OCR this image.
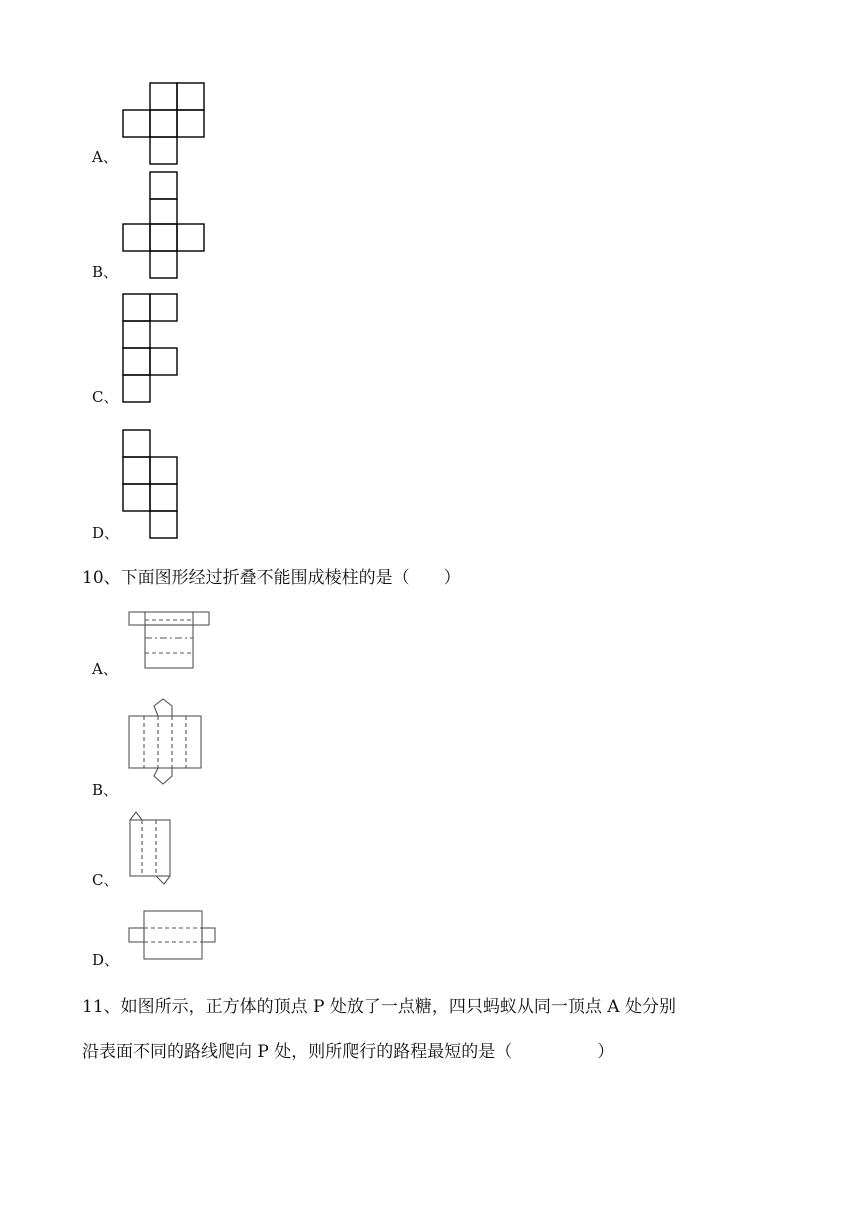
A、
B、
C、
D、
10、下面图形经过折叠不能围成棱柱的是（　　）
A、
B、
C、
D、
11、如图所示，正方体的顶点 P 处放了一点糖，四只蚂蚁从同一顶点 A 处分别
沿表面不同的路线爬向 P 处，则所爬行的路程最短的是（　　　　　）
